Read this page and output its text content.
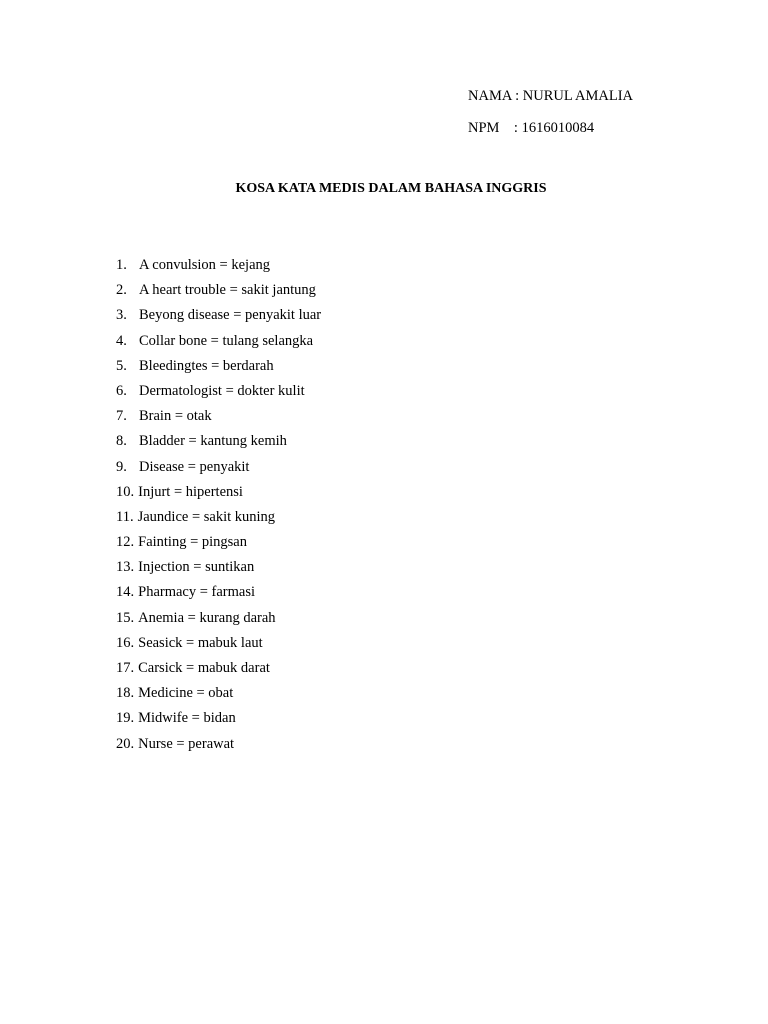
NAMA : NURUL AMALIA
NPM    : 1616010084
KOSA KATA MEDIS DALAM BAHASA INGGRIS
1. A convulsion = kejang
2. A heart trouble = sakit jantung
3. Beyong disease = penyakit luar
4. Collar bone = tulang selangka
5. Bleedingtes = berdarah
6. Dermatologist = dokter kulit
7. Brain = otak
8. Bladder = kantung kemih
9. Disease = penyakit
10. Injurt = hipertensi
11. Jaundice = sakit kuning
12. Fainting = pingsan
13. Injection = suntikan
14. Pharmacy = farmasi
15. Anemia = kurang darah
16. Seasick = mabuk laut
17. Carsick = mabuk darat
18. Medicine = obat
19. Midwife = bidan
20. Nurse = perawat
